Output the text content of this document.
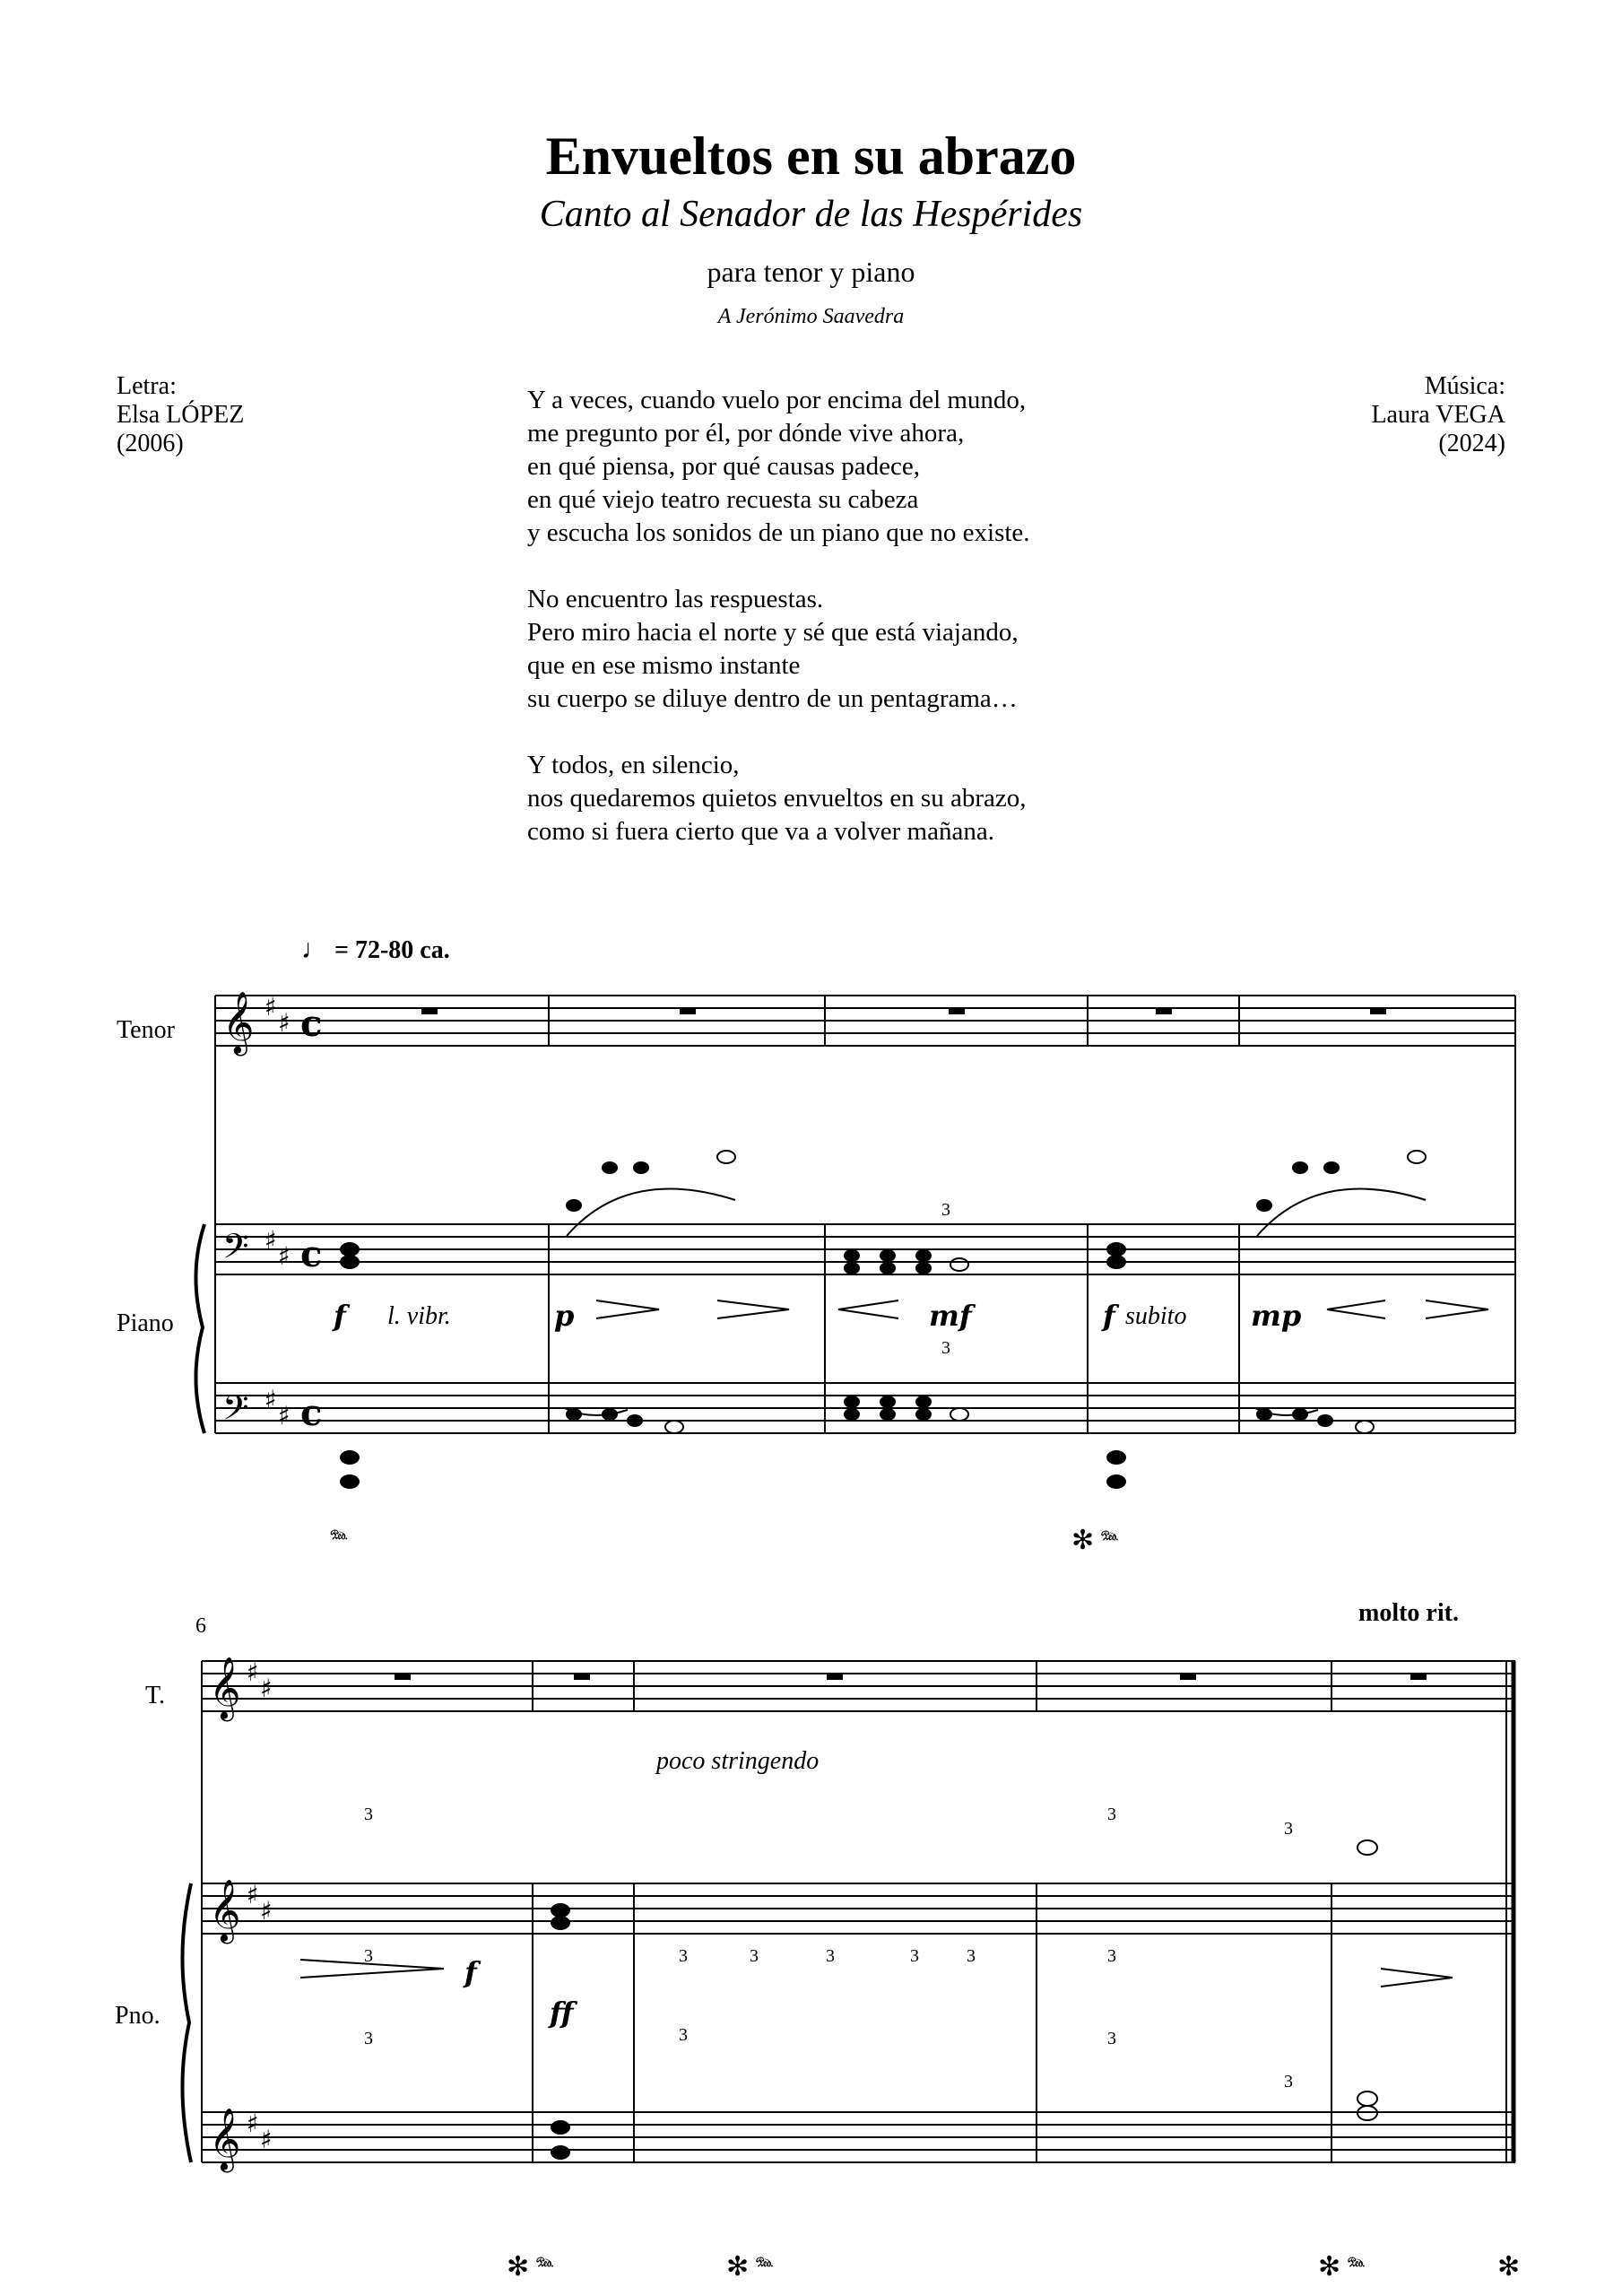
Envueltos en su abrazo
Canto al Senador de las Hespérides
para tenor y piano
A Jerónimo Saavedra
Letra:
Elsa LÓPEZ
(2006)
Música:
Laura VEGA
(2024)
Y a veces, cuando vuelo por encima del mundo,
me pregunto por él, por dónde vive ahora,
en qué piensa, por qué causas padece,
en qué viejo teatro recuesta su cabeza
y escucha los sonidos de un piano que no existe.
No encuentro las respuestas.
Pero miro hacia el norte y sé que está viajando,
que en ese mismo instante
su cuerpo se diluye dentro de un pentagrama…
Y todos, en silencio,
nos quedaremos quietos envueltos en su abrazo,
como si fuera cierto que va a volver mañana.
♩ = 72-80 ca.
𝄞
𝄢
𝄢
♯
♯
♯
♯
♯
♯
c
c
c
𝄞
𝄞
𝄞
♯
♯
♯
♯
♯
♯
Tenor
Piano	f l. vibr.	p	mf	f subito mp
3
3
𝆮	✻ 𝆮
6
T.
Pno.
molto rit.
poco stringendo
f
ff
3
3
3
3	3	3	3	3
3
3
3
3
3
3
✻ 𝆮	✻ 𝆮	✻ 𝆮	✻
